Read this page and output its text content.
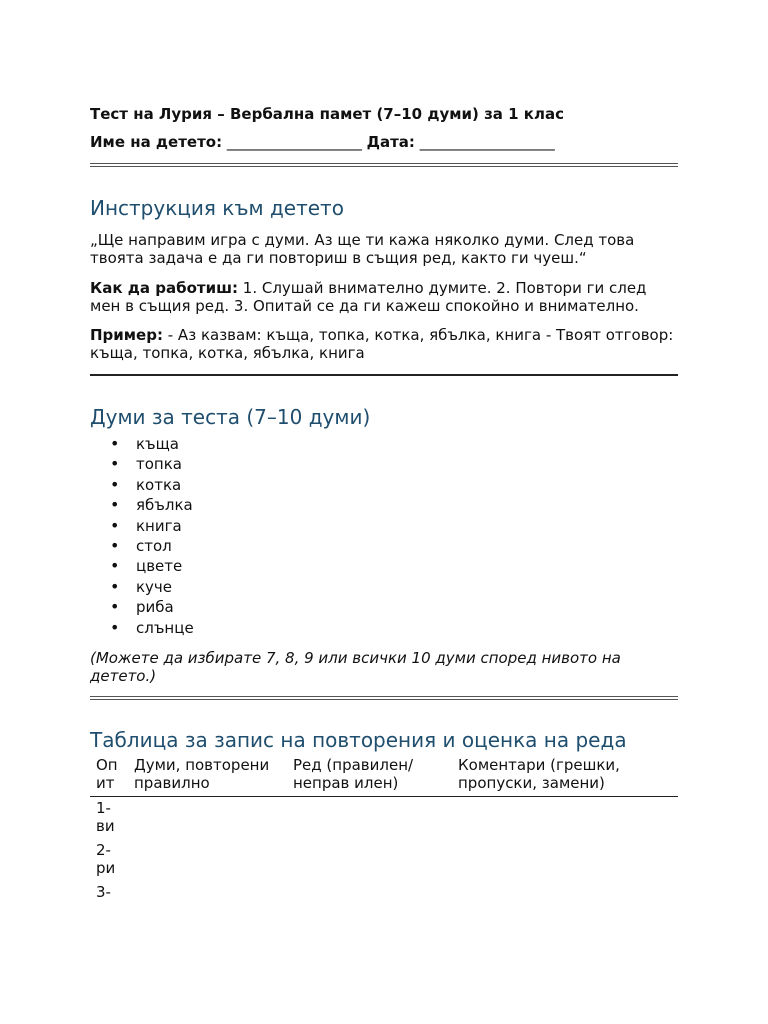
Тест на Лурия – Вербална памет (7–10 думи) за 1 клас
Име на детето: __________________ Дата: __________________
Инструкция към детето

„Ще направим игра с думи. Аз ще ти кажа няколко думи. След това твоята задача е да ги повториш в същия ред, както ги чуеш.“

Как да работиш: 1. Слушай внимателно думите. 2. Повтори ги след мен в същия ред. 3. Опитай се да ги кажеш спокойно и внимателно.

Пример: - Аз казвам: къща, топка, котка, ябълка, книга - Твоят отговор: къща, топка, котка, ябълка, книга

Думи за теста (7–10 думи)
• къща
• топка
• котка
• ябълка
• книга
• стол
• цвете
• куче
• риба
• слънце

(Можете да избирате 7, 8, 9 или всички 10 думи според нивото на детето.)

Таблица за запис на повторения и оценка на реда
Оп ит	Думи, повторени правилно	Ред (правилен/неправ илен)	Коментари (грешки, пропуски, замени)
1-ви			
2-ри			
3-			
